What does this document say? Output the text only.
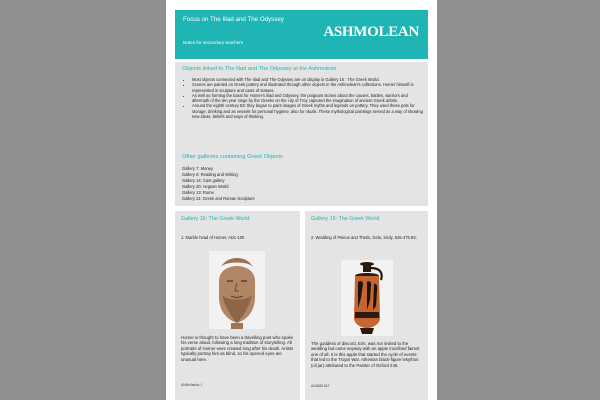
Focus on The Iliad and The Odyssey
Notes for secondary teachers
ASHMOLEAN
Objects linked to The Iliad and The Odyssey at the Ashmolean
• Most objects connected with The Iliad and The Odyssey are on display in Gallery 16 : The Greek World.
• Scenes are painted on Greek pottery and illustrated through other objects in the Ashmolean's collections. Homer himself is represented in sculpture and casts of statues.
• As well as forming the basis for Homer's Iliad and Odyssey, the poignant stories about the causes, battles, warriors and aftermath of the ten year siege by the Greeks on the city of Troy captured the imagination of ancient Greek artists.
• Around the eighth century BC they began to paint images of Greek myths and legends on pottery. They used these pots for storage, drinking and as vessels for personal hygiene, also for rituals. These mythological paintings served as a way of showing new ideas, beliefs and ways of thinking.
Other galleries containing Greek Objects
Gallery 7: Money
Gallery 6: Reading and Writing
Gallery 14: Cast gallery
Gallery 20: Aegean World
Gallery 13: Rome
Gallery 21: Greek and Roman Sculpture
Gallery 16: The Greek World
1. Marble head of Homer, AD1-100
Homer is thought to have been a travelling poet who spoke his verse aloud, following a long tradition of storytelling. All portraits of Homer were created long after his death. Artists typically portray him as blind, so his opened eyes are unusual here.
ANMichaelis.1
Gallery 16: The Greek World
2. Wedding of Peleus and Thetis, Gela, Sicily, 525-475 BC
The goddess of discord, Eris, was not invited to the wedding but came anyway with an apple inscribed fairest one of all. It is this apple that started the cycle of events that led to the Trojan War. Athenian black-figure lekythos (oil jar) attributed to the Painter of Oxford 245.
AN1885.612
